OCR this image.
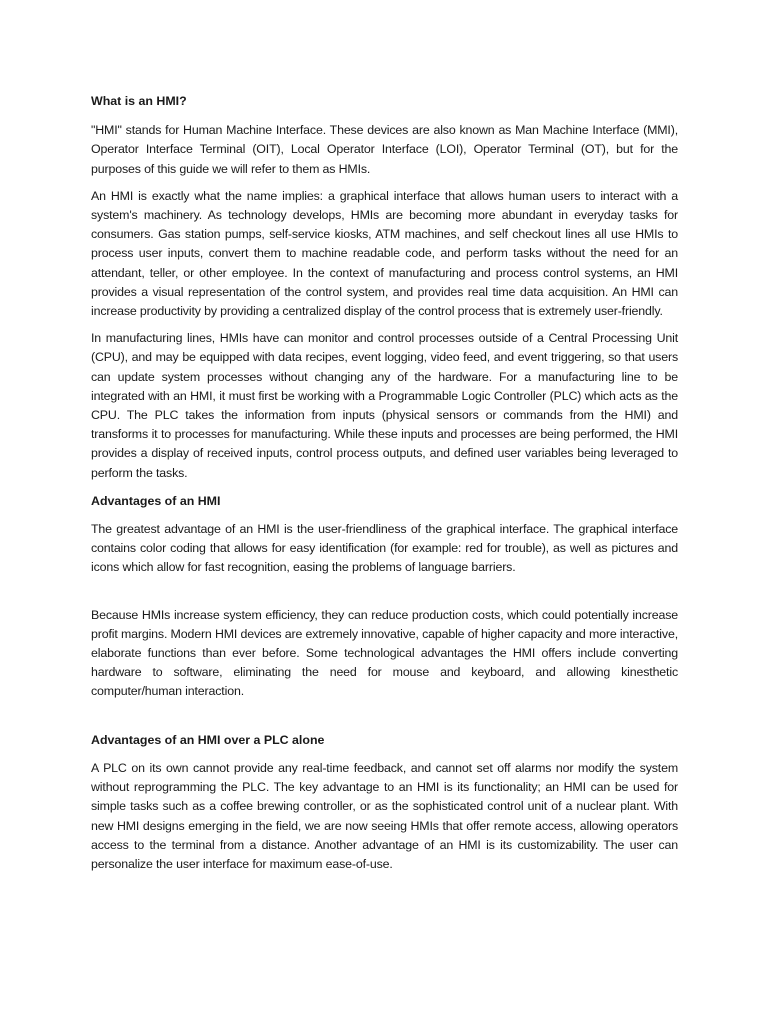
What is an HMI?

"HMI" stands for Human Machine Interface. These devices are also known as Man Machine Interface (MMI), Operator Interface Terminal (OIT), Local Operator Interface (LOI), Operator Terminal (OT), but for the purposes of this guide we will refer to them as HMIs.

An HMI is exactly what the name implies: a graphical interface that allows human users to interact with a system's machinery. As technology develops, HMIs are becoming more abundant in everyday tasks for consumers. Gas station pumps, self-service kiosks, ATM machines, and self checkout lines all use HMIs to process user inputs, convert them to machine readable code, and perform tasks without the need for an attendant, teller, or other employee. In the context of manufacturing and process control systems, an HMI provides a visual representation of the control system, and provides real time data acquisition. An HMI can increase productivity by providing a centralized display of the control process that is extremely user-friendly.

In manufacturing lines, HMIs have can monitor and control processes outside of a Central Processing Unit (CPU), and may be equipped with data recipes, event logging, video feed, and event triggering, so that users can update system processes without changing any of the hardware. For a manufacturing line to be integrated with an HMI, it must first be working with a Programmable Logic Controller (PLC) which acts as the CPU. The PLC takes the information from inputs (physical sensors or commands from the HMI) and transforms it to processes for manufacturing. While these inputs and processes are being performed, the HMI provides a display of received inputs, control process outputs, and defined user variables being leveraged to perform the tasks.

Advantages of an HMI

The greatest advantage of an HMI is the user-friendliness of the graphical interface. The graphical interface contains color coding that allows for easy identification (for example: red for trouble), as well as pictures and icons which allow for fast recognition, easing the problems of language barriers.

Because HMIs increase system efficiency, they can reduce production costs, which could potentially increase profit margins. Modern HMI devices are extremely innovative, capable of higher capacity and more interactive, elaborate functions than ever before. Some technological advantages the HMI offers include converting hardware to software, eliminating the need for mouse and keyboard, and allowing kinesthetic computer/human interaction.

Advantages of an HMI over a PLC alone

A PLC on its own cannot provide any real-time feedback, and cannot set off alarms nor modify the system without reprogramming the PLC. The key advantage to an HMI is its functionality; an HMI can be used for simple tasks such as a coffee brewing controller, or as the sophisticated control unit of a nuclear plant. With new HMI designs emerging in the field, we are now seeing HMIs that offer remote access, allowing operators access to the terminal from a distance. Another advantage of an HMI is its customizability. The user can personalize the user interface for maximum ease-of-use.
